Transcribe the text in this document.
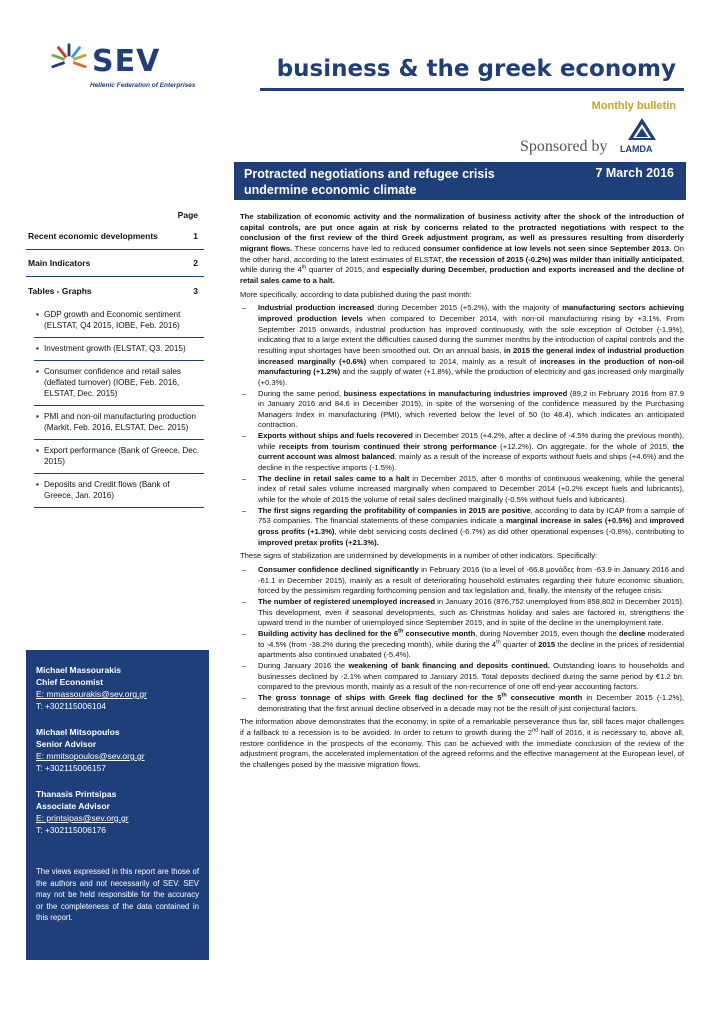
SEV
Hellenic Federation of Enterprises
business & the greek economy
Monthly bulletin
Sponsored by LAMDA
Protracted negotiations and refugee crisis undermine economic climate
7 March 2016
Page
Recent economic developments	1
Main Indicators	2
Tables - Graphs	3
▪ GDP growth and Economic sentiment (ELSTAT, Q4 2015, IOBE, Feb. 2016)
▪ Investment growth (ELSTAT, Q3. 2015)
▪ Consumer confidence and retail sales (deflated turnover) (IOBE, Feb. 2016, ELSTAT, Dec. 2015)
▪ PMI and non-oil manufacturing production (Markit, Feb. 2016, ELSTAT, Dec. 2015)
▪ Export performance (Bank of Greece, Dec. 2015)
▪ Deposits and Credit flows (Bank of Greece, Jan. 2016)
Michael Massourakis
Chief Economist
E: mmassourakis@sev.org.gr
T: +302115006104
Michael Mitsopoulos
Senior Advisor
E: mmitsopoulos@sev.org.gr
T: +302115006157
Thanasis Printsipas
Associate Advisor
E: printsipas@sev.org.gr
T: +302115006176
The views expressed in this report are those of the authors and not necessarily of SEV. SEV may not be held responsible for the accuracy or the completeness of the data contained in this report.

The stabilization of economic activity and the normalization of business activity after the shock of the introduction of capital controls, are put once again at risk by concerns related to the protracted negotiations with respect to the conclusion of the first review of the third Greek adjustment program, as well as pressures resulting from disorderly migrant flows. These concerns have led to reduced consumer confidence at low levels not seen since September 2013. On the other hand, according to the latest estimates of ELSTAT, the recession of 2015 (-0.2%) was milder than initially anticipated, while during the 4th quarter of 2015, and especially during December, production and exports increased and the decline of retail sales came to a halt.

More specifically, according to data published during the past month:

– Industrial production increased during December 2015 (+5.2%), with the majority of manufacturing sectors achieving improved production levels when compared to December 2014, with non-oil manufacturing rising by +3.1%. From September 2015 onwards, industrial production has improved continuously, with the sole exception of October (-1.9%), indicating that to a large extent the difficulties caused during the summer months by the introduction of capital controls and the resulting input shortages have been smoothed out. On an annual basis, in 2015 the general index of industrial production increased marginally (+0.6%) when compared to 2014, mainly as a result of increases in the production of non-oil manufacturing (+1.2%) and the supply of water (+1.8%), while the production of electricity and gas increased only marginally (+0.3%).
– During the same period, business expectations in manufacturing industries improved (89,2 in February 2016 from 87.9 in January 2016 and 84.6 in December 2015), in spite of the worsening of the confidence measured by the Purchasing Managers Index in manufacturing (PMI), which reverted below the level of 50 (to 48.4), which indicates an anticipated contraction.
– Exports without ships and fuels recovered in December 2015 (+4.2%, after a decline of -4.5% during the previous month), while receipts from tourism continued their strong performance (+12.2%). On aggregate, for the whole of 2015, the current account was almost balanced, mainly as a result of the increase of exports without fuels and ships (+4.6%) and the decline in the respective imports (-1.5%).
– The decline in retail sales came to a halt in December 2015, after 6 months of continuous weakening, while the general index of retail sales volume increased marginally when compared to December 2014 (+0.2% except fuels and lubricants), while for the whole of 2015 the volume of retail sales declined marginally (-0.5% without fuels and lubricants).
– The first signs regarding the profitability of companies in 2015 are positive, according to data by ICAP from a sample of 753 companies. The financial statements of these companies indicate a marginal increase in sales (+0.5%) and improved gross profits (+1.3%), while debt servicing costs declined (-6.7%) as did other operational expenses (-0.8%), contributing to improved pretax profits (+21.3%).

These signs of stabilization are undermined by developments in a number of other indicators. Specifically:

– Consumer confidence declined significantly in February 2016 (to a level of -66.8 μονάδες from -63.9 in January 2016 and -61.1 in December 2015), mainly as a result of deteriorating household estimates regarding their future economic situation, forced by the pessimism regarding forthcoming pension and tax legislation and, finally, the intensity of the refugee crisis.
– The number of registered unemployed increased in January 2016 (876,752 unemployed from 858,802 in December 2015). This development, even if seasonal developments, such as Christmas holiday and sales are factored in, strengthens the upward trend in the number of unemployed since September 2015, and in spite of the decline in the unemployment rate.
– Building activity has declined for the 6th consecutive month, during November 2015, even though the decline moderated to -4.5% (from -38.2% during the preceding month), while during the 4th quarter of 2015 the decline in the prices of residential apartments also continued unabated (-5.4%).
– During January 2016 the weakening of bank financing and deposits continued. Outstanding loans to households and businesses declined by -2.1% when compared to January 2015. Total deposits declined during the same period by €1.2 bn. compared to the previous month, mainly as a result of the non-recurrence of one off end-year accounting factors.
– The gross tonnage of ships with Greek flag declined for the 5th consecutive month in December 2015 (-1.2%), demonstrating that the first annual decline observed in a decade may not be the result of just conjectural factors.

The information above demonstrates that the economy, in spite of a remarkable perseverance thus far, still faces major challenges if a fallback to a recession is to be avoided. In order to return to growth during the 2nd half of 2016, it is necessary to, above all, restore confidence in the prospects of the economy. This can be achieved with the immediate conclusion of the review of the adjustment program, the accelerated implementation of the agreed reforms and the effective management at the European level, of the challenges posed by the massive migration flows.
